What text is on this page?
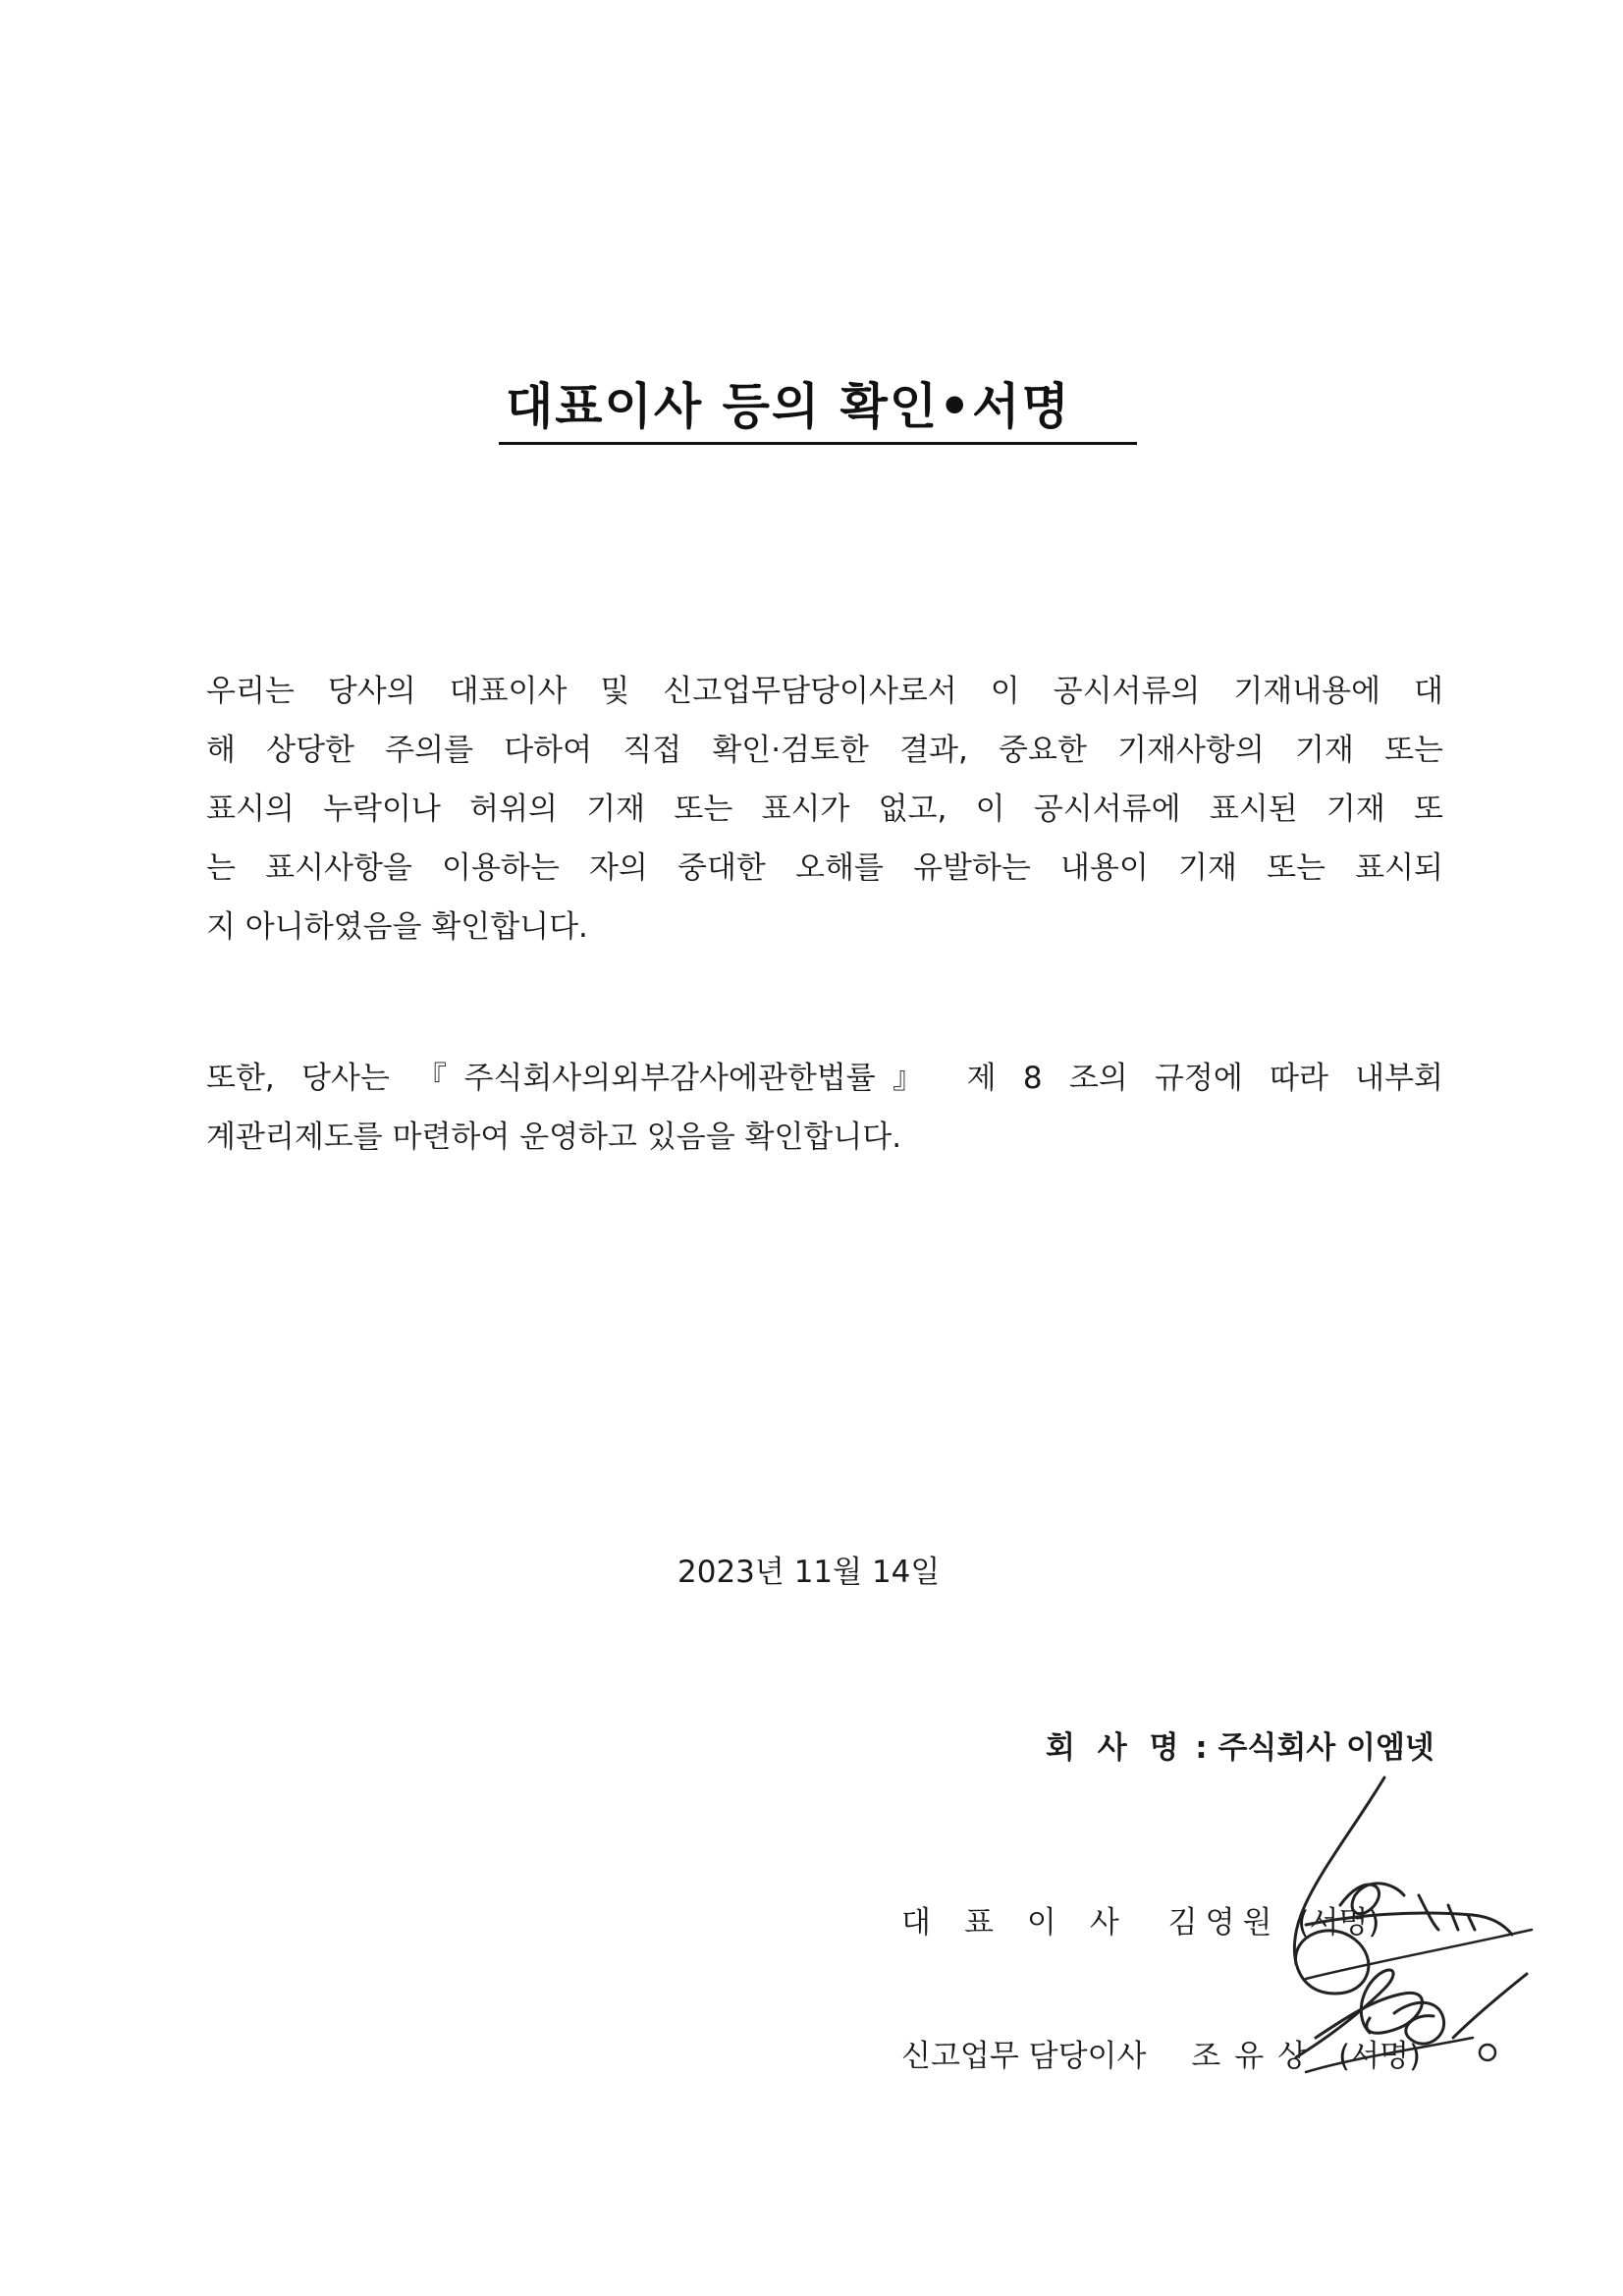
대표이사 등의 확인•서명
우리는 당사의 대표이사 및 신고업무담당이사로서 이 공시서류의 기재내용에 대
해 상당한 주의를 다하여 직접 확인·검토한 결과, 중요한 기재사항의 기재 또는
표시의 누락이나 허위의 기재 또는 표시가 없고, 이 공시서류에 표시된 기재 또
는 표시사항을 이용하는 자의 중대한 오해를 유발하는 내용이 기재 또는 표시되
지 아니하였음을 확인합니다.
또한, 당사는 『주식회사의외부감사에관한법률』 제 8 조의 규정에 따라 내부회
계관리제도를 마련하여 운영하고 있음을 확인합니다.
2023년 11월 14일
회 사 명 : 주식회사 이엠넷
대표이사 김영원 (서명)
신고업무 담당이사 조유상 (서명)
